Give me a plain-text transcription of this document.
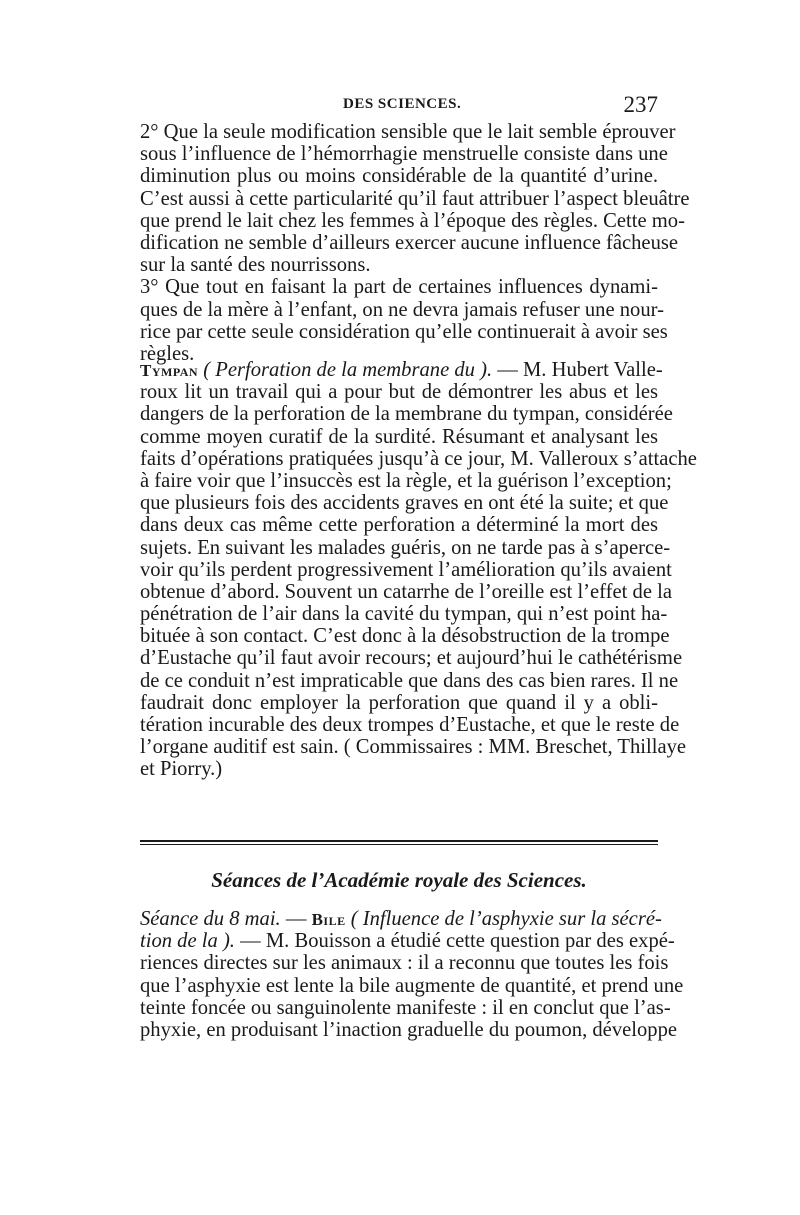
DES SCIENCES.	237
2° Que la seule modification sensible que le lait semble éprouver
sous l’influence de l’hémorrhagie menstruelle consiste dans une
diminution plus ou moins considérable de la quantité d’urine.
C’est aussi à cette particularité qu’il faut attribuer l’aspect bleuâtre
que prend le lait chez les femmes à l’époque des règles. Cette mo-
dification ne semble d’ailleurs exercer aucune influence fâcheuse
sur la santé des nourrissons.
3° Que tout en faisant la part de certaines influences dynami-
ques de la mère à l’enfant, on ne devra jamais refuser une nour-
rice par cette seule considération qu’elle continuerait à avoir ses
règles.
Tympan ( Perforation de la membrane du ). — M. Hubert Valle-
roux lit un travail qui a pour but de démontrer les abus et les
dangers de la perforation de la membrane du tympan, considérée
comme moyen curatif de la surdité. Résumant et analysant les
faits d’opérations pratiquées jusqu’à ce jour, M. Valleroux s’attache
à faire voir que l’insuccès est la règle, et la guérison l’exception;
que plusieurs fois des accidents graves en ont été la suite; et que
dans deux cas même cette perforation a déterminé la mort des
sujets. En suivant les malades guéris, on ne tarde pas à s’aperce-
voir qu’ils perdent progressivement l’amélioration qu’ils avaient
obtenue d’abord. Souvent un catarrhe de l’oreille est l’effet de la
pénétration de l’air dans la cavité du tympan, qui n’est point ha-
bituée à son contact. C’est donc à la désobstruction de la trompe
d’Eustache qu’il faut avoir recours; et aujourd’hui le cathétérisme
de ce conduit n’est impraticable que dans des cas bien rares. Il ne
faudrait donc employer la perforation que quand il y a obli-
tération incurable des deux trompes d’Eustache, et que le reste de
l’organe auditif est sain. ( Commissaires : MM. Breschet, Thillaye
et Piorry.)
Séances de l’Académie royale des Sciences.
Séance du 8 mai. — Bile ( Influence de l’asphyxie sur la sécré-
tion de la ). — M. Bouisson a étudié cette question par des expé-
riences directes sur les animaux : il a reconnu que toutes les fois
que l’asphyxie est lente la bile augmente de quantité, et prend une
teinte foncée ou sanguinolente manifeste : il en conclut que l’as-
phyxie, en produisant l’inaction graduelle du poumon, développe
